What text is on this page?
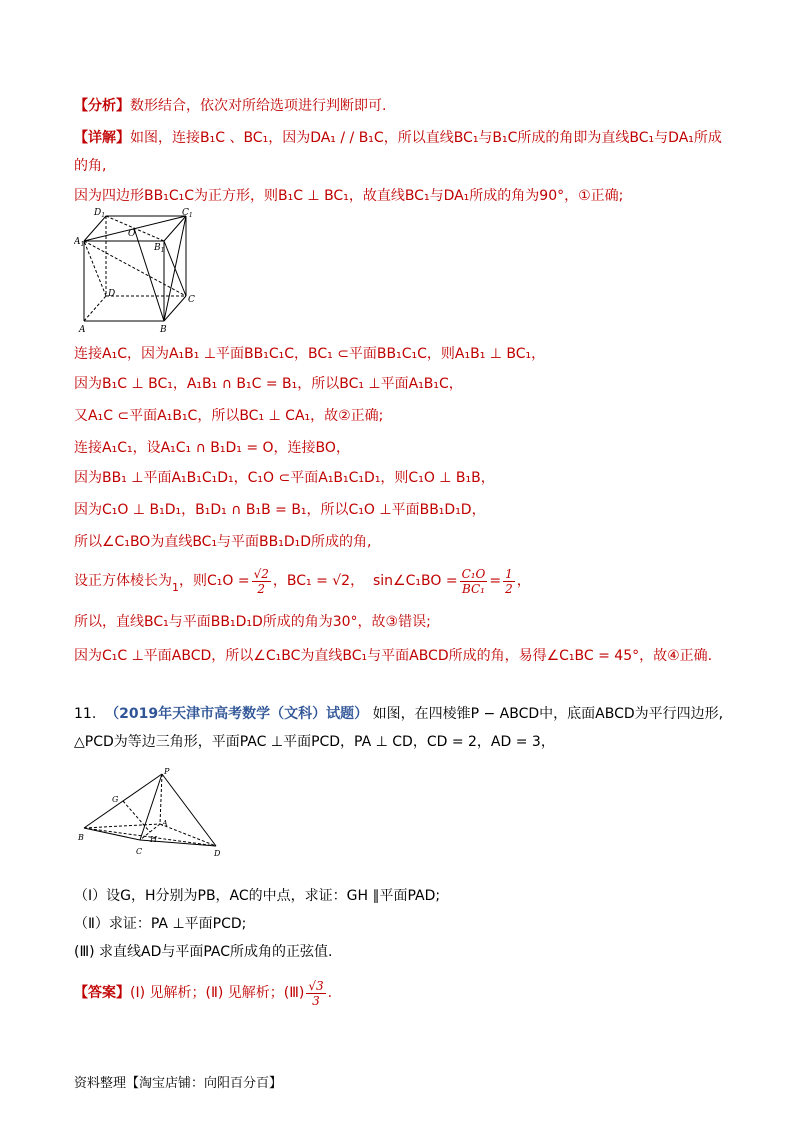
【分析】数形结合，依次对所给选项进行判断即可.
【详解】如图，连接B₁C 、BC₁，因为DA₁ / / B₁C，所以直线BC₁与B₁C所成的角即为直线BC₁与DA₁所成
的角,
因为四边形BB₁C₁C为正方形，则B₁C ⊥ BC₁，故直线BC₁与DA₁所成的角为90°，①正确;
$D_1$	$C_1$
$A_1$
O
$B_1$
D
C
A	B
连接A₁C，因为A₁B₁ ⊥平面BB₁C₁C，BC₁ ⊂平面BB₁C₁C，则A₁B₁ ⊥ BC₁，
因为B₁C ⊥ BC₁，A₁B₁ ∩ B₁C = B₁，所以BC₁ ⊥平面A₁B₁C，
又A₁C ⊂平面A₁B₁C，所以BC₁ ⊥ CA₁，故②正确;
连接A₁C₁，设A₁C₁ ∩ B₁D₁ = O，连接BO，
因为BB₁ ⊥平面A₁B₁C₁D₁，C₁O ⊂平面A₁B₁C₁D₁，则C₁O ⊥ B₁B，
因为C₁O ⊥ B₁D₁，B₁D₁ ∩ B₁B = B₁，所以C₁O ⊥平面BB₁D₁D，
所以∠C₁BO为直线BC₁与平面BB₁D₁D所成的角,
设正方体棱长为$_1$，则$C_1O = \frac{√2}{2}$ ，BC₁ = √2， sin∠C₁BO = $\frac{\text{C₁O}}{\text{BC₁}} = \frac{1}{2}$ ，
所以，直线BC₁与平面BB₁D₁D所成的角为30°，故③错误;
因为C₁C ⊥平面ABCD，所以∠C₁BC为直线BC₁与平面ABCD所成的角，易得∠C₁BC = 45°，故④正确.
11. （2019年天津市高考数学（文科）试题） 如图，在四棱锥P − ABCD中，底面ABCD为平行四边形,
△PCD为等边三角形，平面PAC ⊥平面PCD，PA ⊥ CD，CD = 2，AD = 3，
P
G
A
B	H
C	D
（Ⅰ）设G，H分别为PB，AC的中点，求证：GH ∥平面PAD;
（Ⅱ）求证：PA ⊥平面PCD;
(Ⅲ) 求直线AD与平面PAC所成角的正弦值.
【答案】(Ⅰ) 见解析；(Ⅱ) 见解析；(Ⅲ) $\frac{√3}{3}$ .
资料整理【淘宝店铺：向阳百分百】
